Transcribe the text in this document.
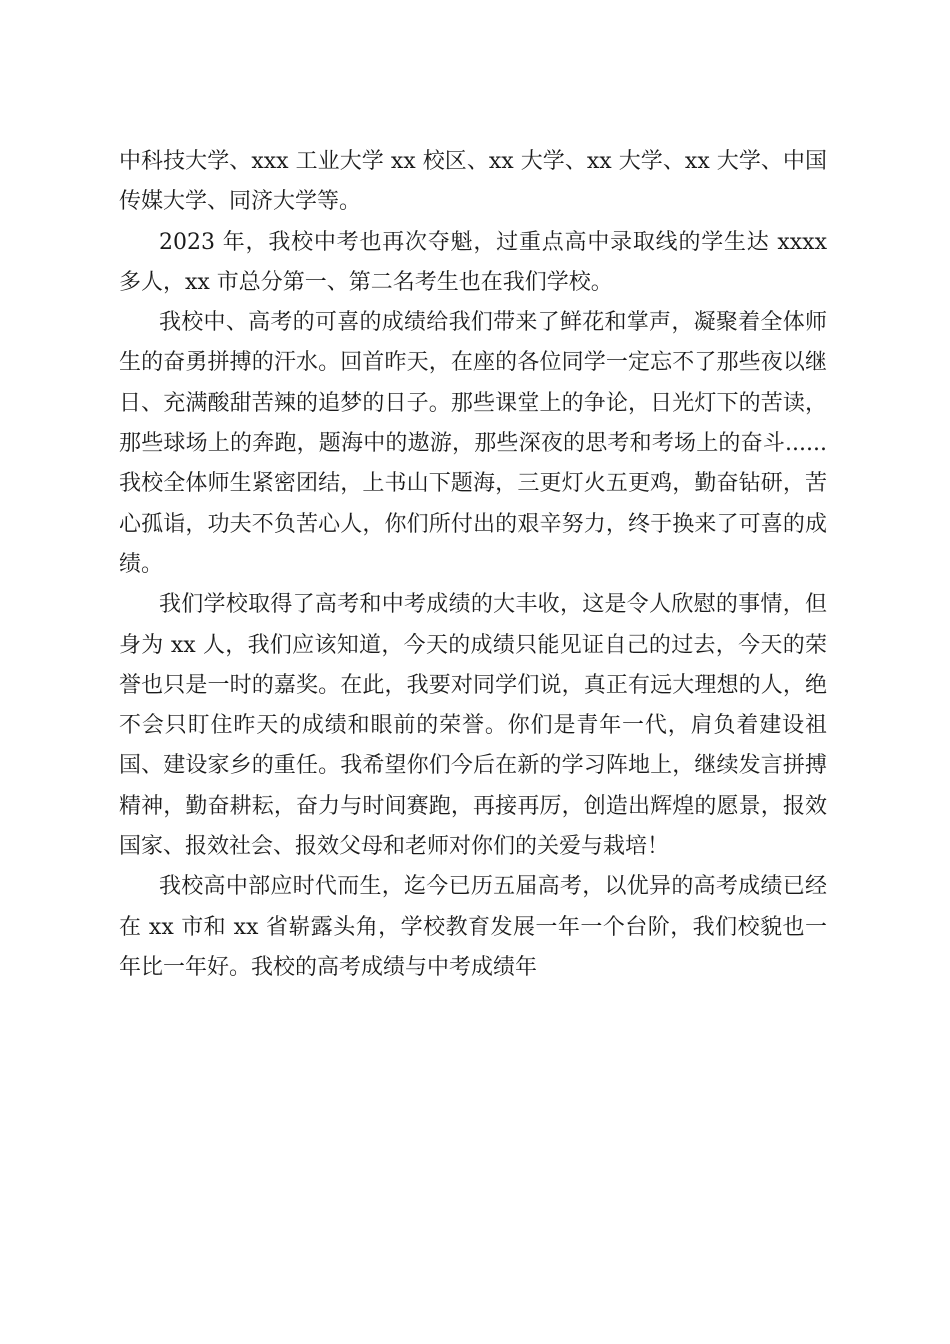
中科技大学、xxx 工业大学 xx 校区、xx 大学、xx 大学、xx 大学、中国传媒大学、同济大学等。

2023 年，我校中考也再次夺魁，过重点高中录取线的学生达 xxxx 多人，xx 市总分第一、第二名考生也在我们学校。

我校中、高考的可喜的成绩给我们带来了鲜花和掌声，凝聚着全体师生的奋勇拼搏的汗水。回首昨天，在座的各位同学一定忘不了那些夜以继日、充满酸甜苦辣的追梦的日子。那些课堂上的争论，日光灯下的苦读，那些球场上的奔跑，题海中的遨游，那些深夜的思考和考场上的奋斗......我校全体师生紧密团结，上书山下题海，三更灯火五更鸡，勤奋钻研，苦心孤诣，功夫不负苦心人，你们所付出的艰辛努力，终于换来了可喜的成绩。

我们学校取得了高考和中考成绩的大丰收，这是令人欣慰的事情，但身为 xx 人，我们应该知道，今天的成绩只能见证自己的过去，今天的荣誉也只是一时的嘉奖。在此，我要对同学们说，真正有远大理想的人，绝不会只盯住昨天的成绩和眼前的荣誉。你们是青年一代，肩负着建设祖国、建设家乡的重任。我希望你们今后在新的学习阵地上，继续发言拼搏精神，勤奋耕耘，奋力与时间赛跑，再接再厉，创造出辉煌的愿景，报效国家、报效社会、报效父母和老师对你们的关爱与栽培！

我校高中部应时代而生，迄今已历五届高考，以优异的高考成绩已经在 xx 市和 xx 省崭露头角，学校教育发展一年一个台阶，我们校貌也一年比一年好。我校的高考成绩与中考成绩年
